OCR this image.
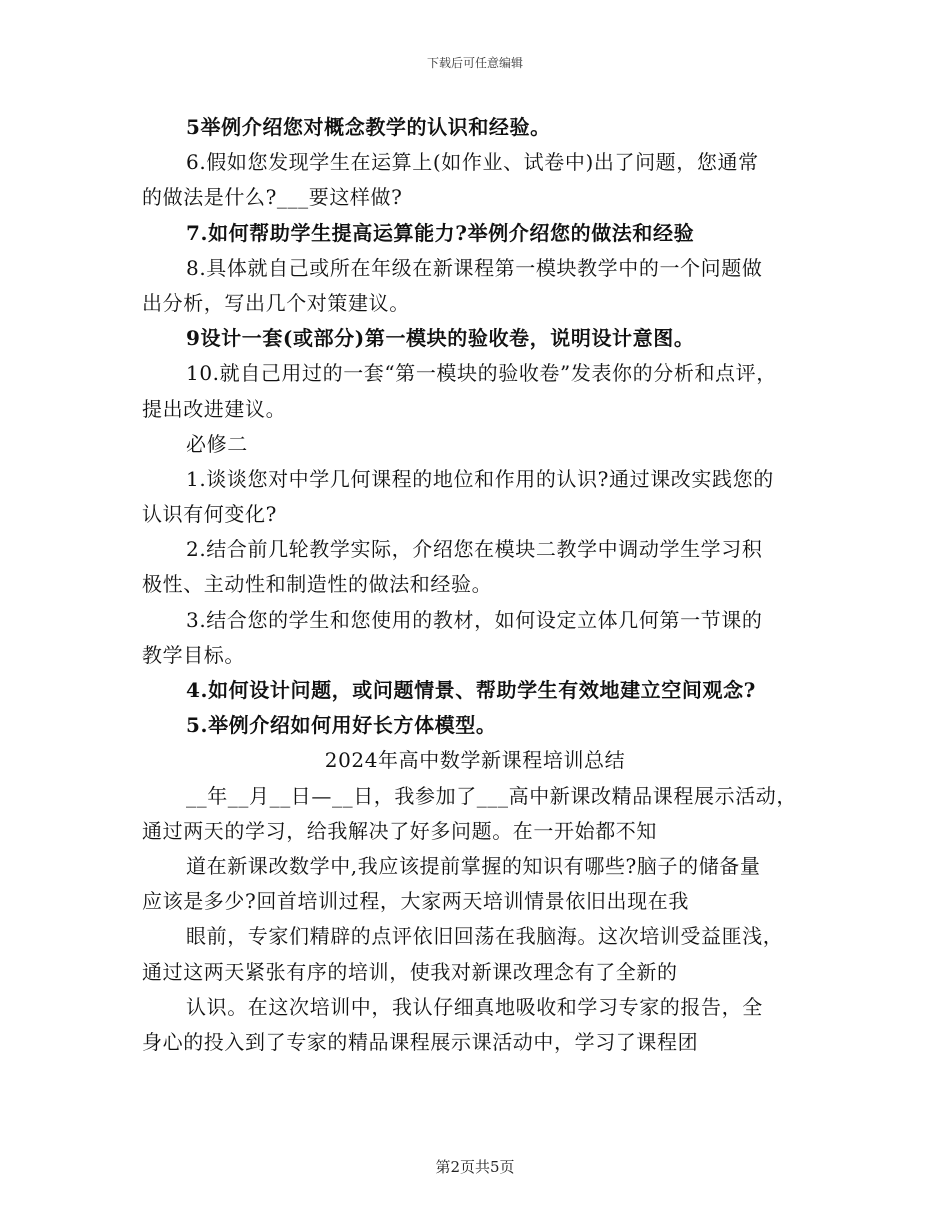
下载后可任意编辑
5举例介绍您对概念教学的认识和经验。
6.假如您发现学生在运算上(如作业、试卷中)出了问题，您通常
的做法是什么?___要这样做?
7.如何帮助学生提高运算能力?举例介绍您的做法和经验
8.具体就自己或所在年级在新课程第一模块教学中的一个问题做
出分析，写出几个对策建议。
9设计一套(或部分)第一模块的验收卷，说明设计意图。
10.就自己用过的一套“第一模块的验收卷”发表你的分析和点评，
提出改进建议。
必修二
1.谈谈您对中学几何课程的地位和作用的认识?通过课改实践您的
认识有何变化?
2.结合前几轮教学实际，介绍您在模块二教学中调动学生学习积
极性、主动性和制造性的做法和经验。
3.结合您的学生和您使用的教材，如何设定立体几何第一节课的
教学目标。
4.如何设计问题，或问题情景、帮助学生有效地建立空间观念?
5.举例介绍如何用好长方体模型。
2024年高中数学新课程培训总结
__年__月__日—__日，我参加了___高中新课改精品课程展示活动，
通过两天的学习，给我解决了好多问题。在一开始都不知
道在新课改数学中,我应该提前掌握的知识有哪些?脑子的储备量
应该是多少?回首培训过程，大家两天培训情景依旧出现在我
眼前，专家们精辟的点评依旧回荡在我脑海。这次培训受益匪浅，
通过这两天紧张有序的培训，使我对新课改理念有了全新的
认识。在这次培训中，我认仔细真地吸收和学习专家的报告，全
身心的投入到了专家的精品课程展示课活动中，学习了课程团
第2页共5页
